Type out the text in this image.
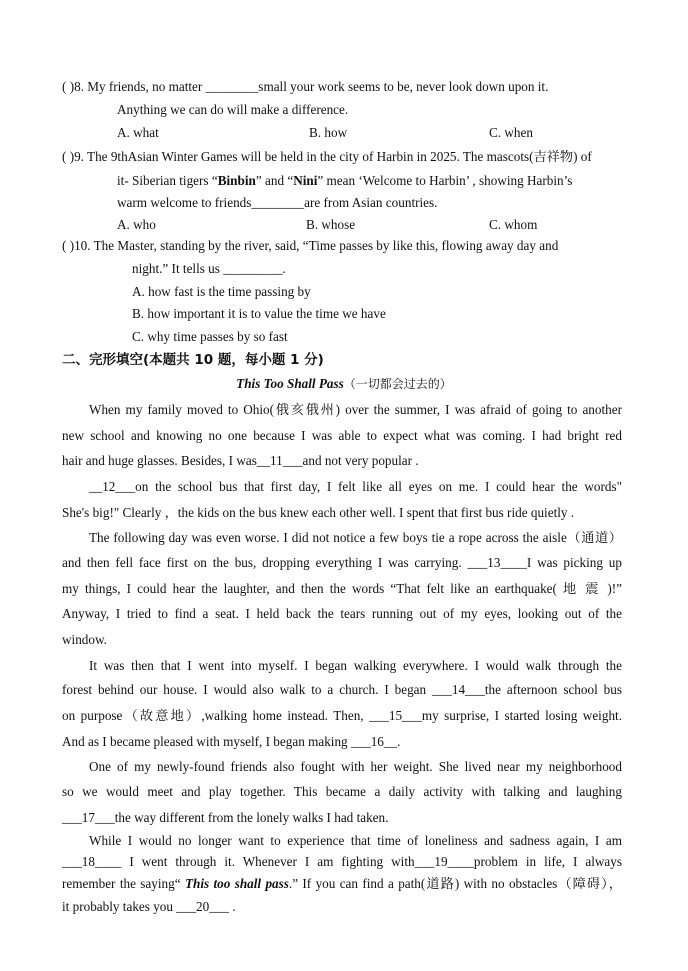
( )8. My friends, no matter ________small your work seems to be, never look down upon it.
Anything we can do will make a difference.
A. what	B. how	C. when
( )9. The 9thAsian Winter Games will be held in the city of Harbin in 2025. The mascots(吉祥物) of
it- Siberian tigers “Binbin” and “Nini” mean ‘Welcome to Harbin’ , showing Harbin’s
warm welcome to friends________are from Asian countries.
A. who	B. whose	C. whom
( )10. The Master, standing by the river, said, “Time passes by like this, flowing away day and
night.” It tells us _________.
A. how fast is the time passing by
B. how important it is to value the time we have
C. why time passes by so fast
二、完形填空(本题共 10 题，每小题 1 分)
This Too Shall Pass（一切都会过去的）
When my family moved to Ohio(俄亥俄州) over the summer, I was afraid of going to another
new school and knowing no one because I was able to expect what was coming. I had bright red
hair and huge glasses. Besides, I was__11___and not very popular .
__12___on the school bus that first day, I felt like all eyes on me. I could hear the words"
She's big!" Clearly ，the kids on the bus knew each other well. I spent that first bus ride quietly .
The following day was even worse. I did not notice a few boys tie a rope across the aisle（通道）
and then fell face first on the bus, dropping everything I was carrying. ___13____I was picking up
my things, I could hear the laughter, and then the words “That felt like an earthquake( 地 震 )!”
Anyway, I tried to find a seat. I held back the tears running out of my eyes, looking out of the
window.
It was then that I went into myself. I began walking everywhere. I would walk through the
forest behind our house. I would also walk to a church. I began ___14___the afternoon school bus
on purpose（故意地）,walking home instead. Then, ___15___my surprise, I started losing weight.
And as I became pleased with myself, I began making ___16__.
One of my newly-found friends also fought with her weight. She lived near my neighborhood
so we would meet and play together. This became a daily activity with talking and laughing
___17___the way different from the lonely walks I had taken.
While I would no longer want to experience that time of loneliness and sadness again, I am
___18____ I went through it. Whenever I am fighting with___19____problem in life, I always
remember the saying“ This too shall pass.” If you can find a path(道路) with no obstacles（障碍），
it probably takes you ___20___ .
